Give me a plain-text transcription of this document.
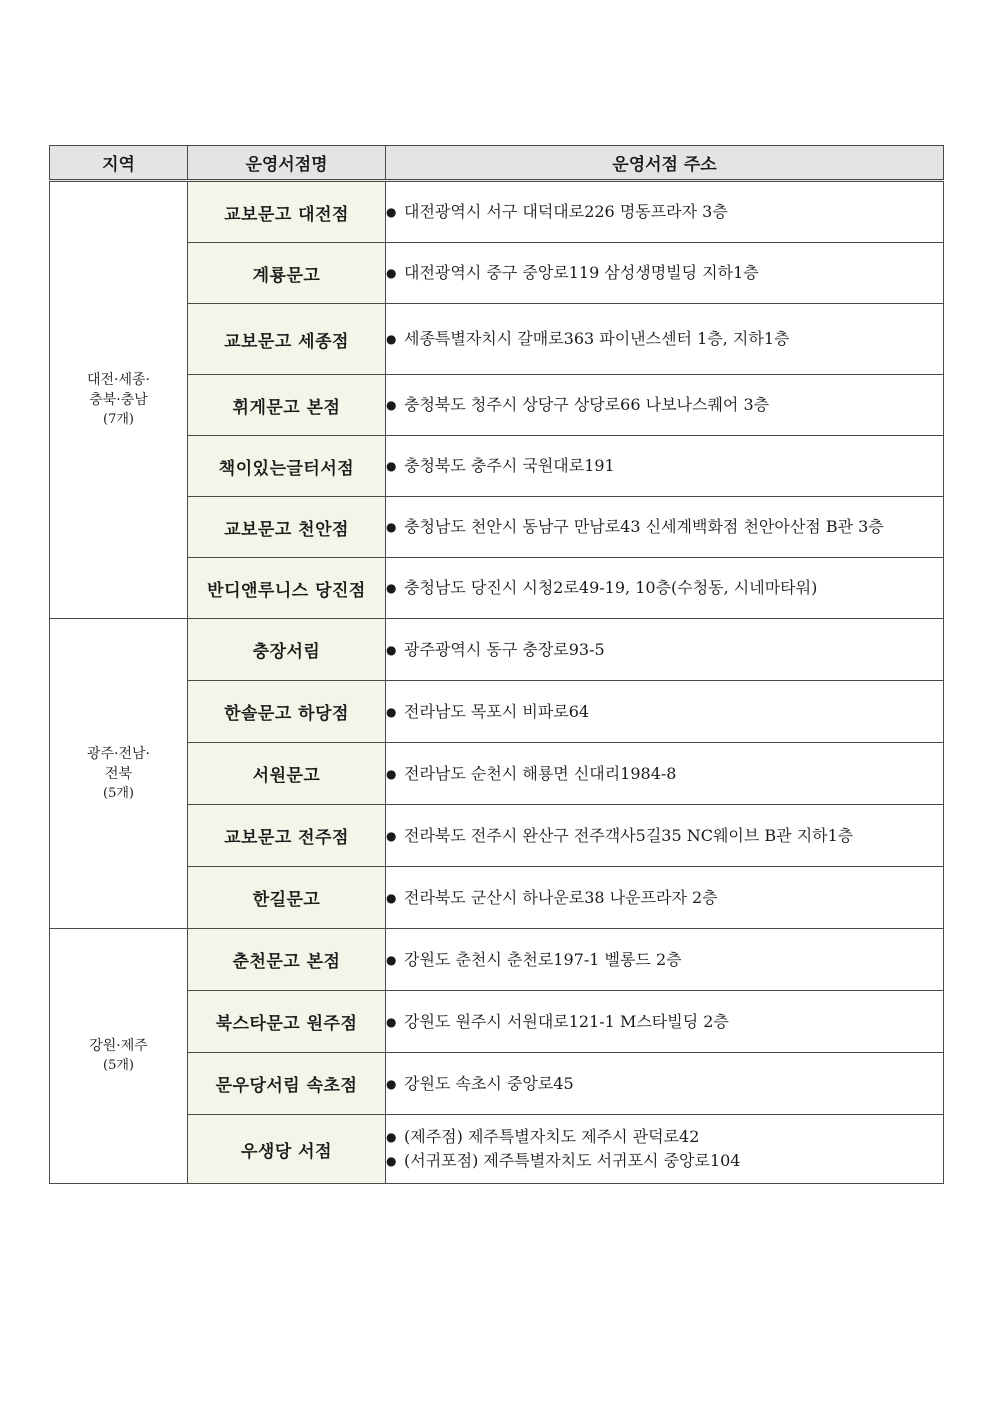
지역	운영서점명	운영서점 주소
대전·세종·
충북·충남
(7개)	교보문고 대전점	● 대전광역시 서구 대덕대로226 명동프라자 3층

	계룡문고	● 대전광역시 중구 중앙로119 삼성생명빌딩 지하1층

	교보문고 세종점	● 세종특별자치시 갈매로363 파이낸스센터 1층, 지하1층

	휘게문고 본점	● 충청북도 청주시 상당구 상당로66 나보나스퀘어 3층

	책이있는글터서점	● 충청북도 충주시 국원대로191

	교보문고 천안점	● 충청남도 천안시 동남구 만남로43 신세계백화점 천안아산점 B관 3층

	반디앤루니스 당진점	● 충청남도 당진시 시청2로49-19, 10층(수청동, 시네마타워)

광주·전남·
전북
(5개)	충장서림	● 광주광역시 동구 충장로93-5

	한솔문고 하당점	● 전라남도 목포시 비파로64

	서원문고	● 전라남도 순천시 해룡면 신대리1984-8

	교보문고 전주점	● 전라북도 전주시 완산구 전주객사5길35 NC웨이브 B관 지하1층

	한길문고	● 전라북도 군산시 하나운로38 나운프라자 2층

강원·제주
(5개)	춘천문고 본점	● 강원도 춘천시 춘천로197-1 벨롱드 2층

	북스타문고 원주점	● 강원도 원주시 서원대로121-1 M스타빌딩 2층

	문우당서림 속초점	● 강원도 속초시 중앙로45

	우생당 서점	● (제주점) 제주특별자치도 제주시 관덕로42
● (서귀포점) 제주특별자치도 서귀포시 중앙로104
